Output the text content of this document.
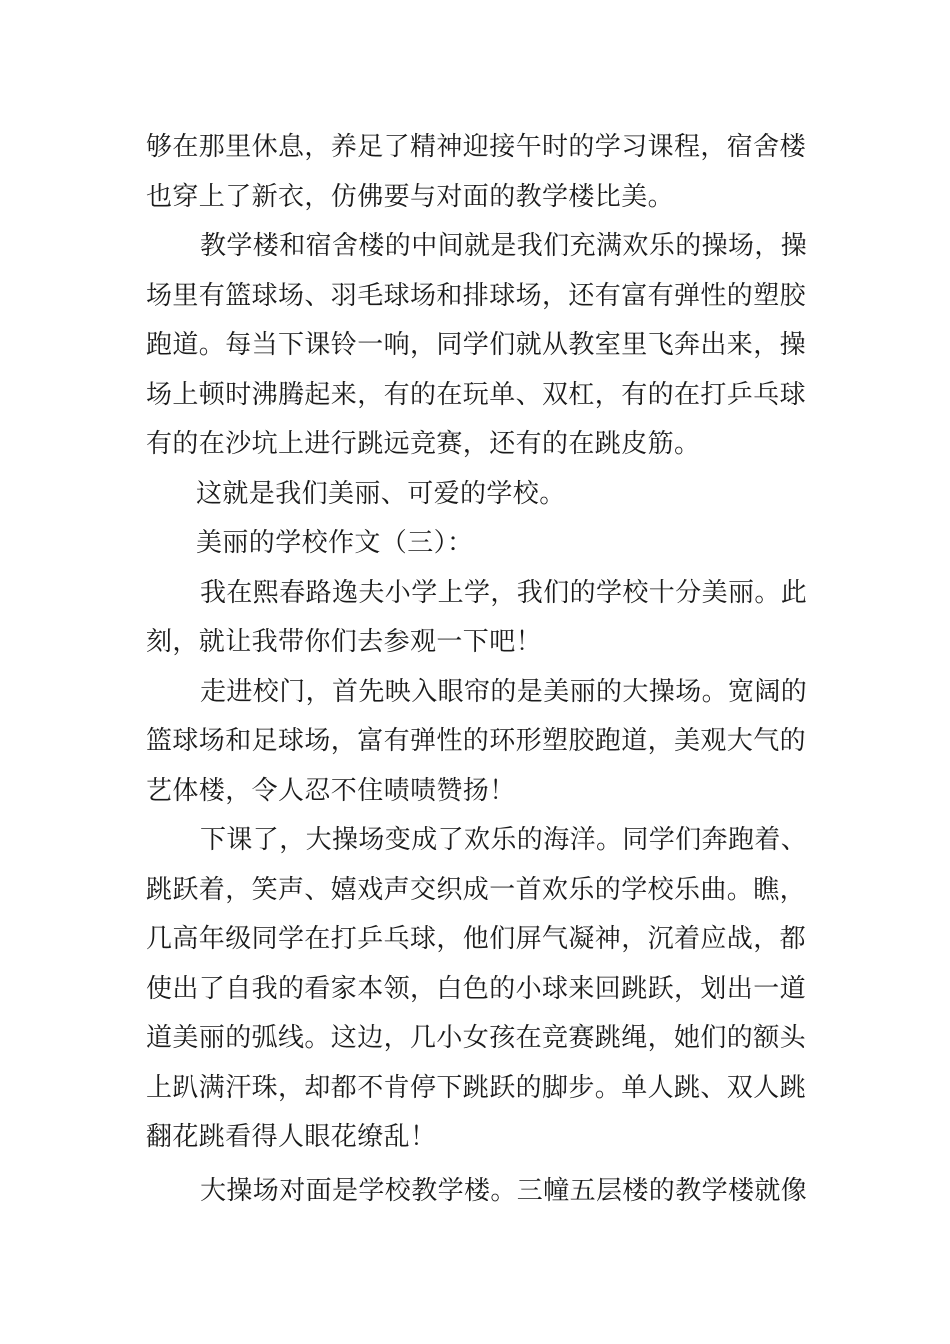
够在那里休息，养足了精神迎接午时的学习课程，宿舍楼
也穿上了新衣，仿佛要与对面的教学楼比美。
教学楼和宿舍楼的中间就是我们充满欢乐的操场，操
场里有篮球场、羽毛球场和排球场，还有富有弹性的塑胶
跑道。每当下课铃一响，同学们就从教室里飞奔出来，操
场上顿时沸腾起来，有的在玩单、双杠，有的在打乒乓球
有的在沙坑上进行跳远竞赛，还有的在跳皮筋。
这就是我们美丽、可爱的学校。
美丽的学校作文（三）：
我在熙春路逸夫小学上学，我们的学校十分美丽。此
刻，就让我带你们去参观一下吧！
走进校门，首先映入眼帘的是美丽的大操场。宽阔的
篮球场和足球场，富有弹性的环形塑胶跑道，美观大气的
艺体楼，令人忍不住啧啧赞扬！
下课了，大操场变成了欢乐的海洋。同学们奔跑着、
跳跃着，笑声、嬉戏声交织成一首欢乐的学校乐曲。瞧，
几高年级同学在打乒乓球，他们屏气凝神，沉着应战，都
使出了自我的看家本领，白色的小球来回跳跃，划出一道
道美丽的弧线。这边，几小女孩在竞赛跳绳，她们的额头
上趴满汗珠，却都不肯停下跳跃的脚步。单人跳、双人跳
翻花跳看得人眼花缭乱！
大操场对面是学校教学楼。三幢五层楼的教学楼就像
